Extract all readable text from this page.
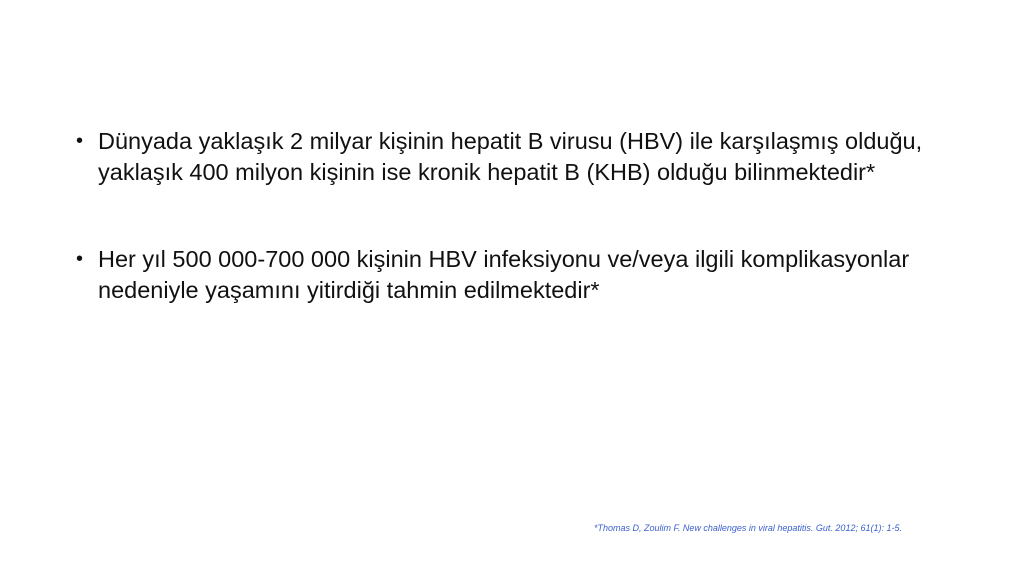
• Dünyada yaklaşık 2 milyar kişinin hepatit B virusu (HBV) ile karşılaşmış olduğu, yaklaşık 400 milyon kişinin ise kronik hepatit B (KHB) olduğu bilinmektedir*
• Her yıl 500 000-700 000 kişinin HBV infeksiyonu ve/veya ilgili komplikasyonlar nedeniyle yaşamını yitirdiği tahmin edilmektedir*
*Thomas D, Zoulim F. New challenges in viral hepatitis. Gut. 2012; 61(1): 1-5.
